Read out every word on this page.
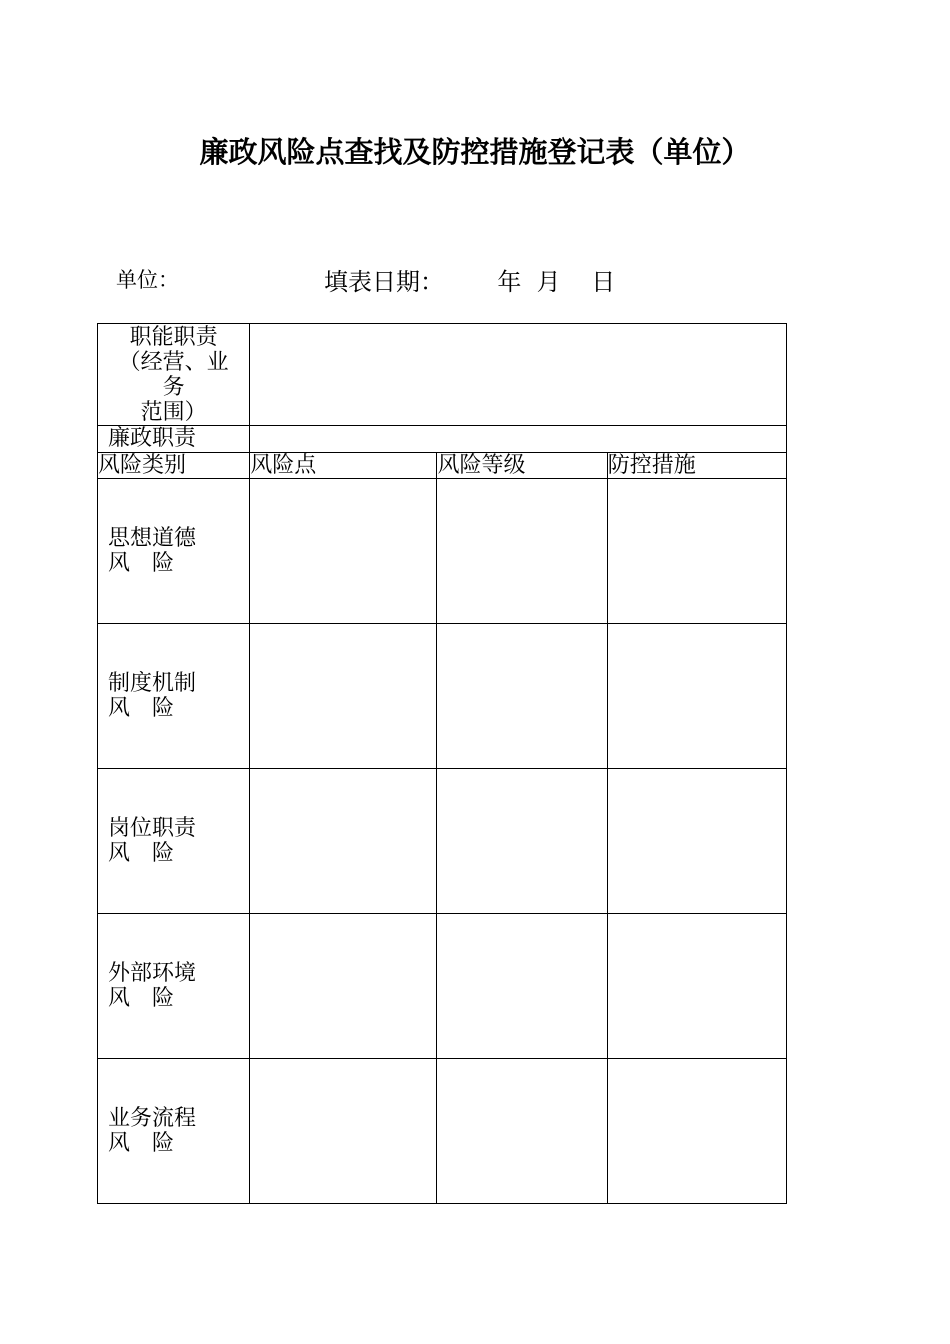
廉政风险点查找及防控措施登记表（单位）
单位：	填表日期： 年 月 日
职能职责
（经营、业
务
范围）			

廉政职责			
风险类别	风险点	风险等级	防控措施

思想道德
风　险			

制度机制
风　险			

岗位职责
风　险			

外部环境
风　险			

业务流程
风　险			
